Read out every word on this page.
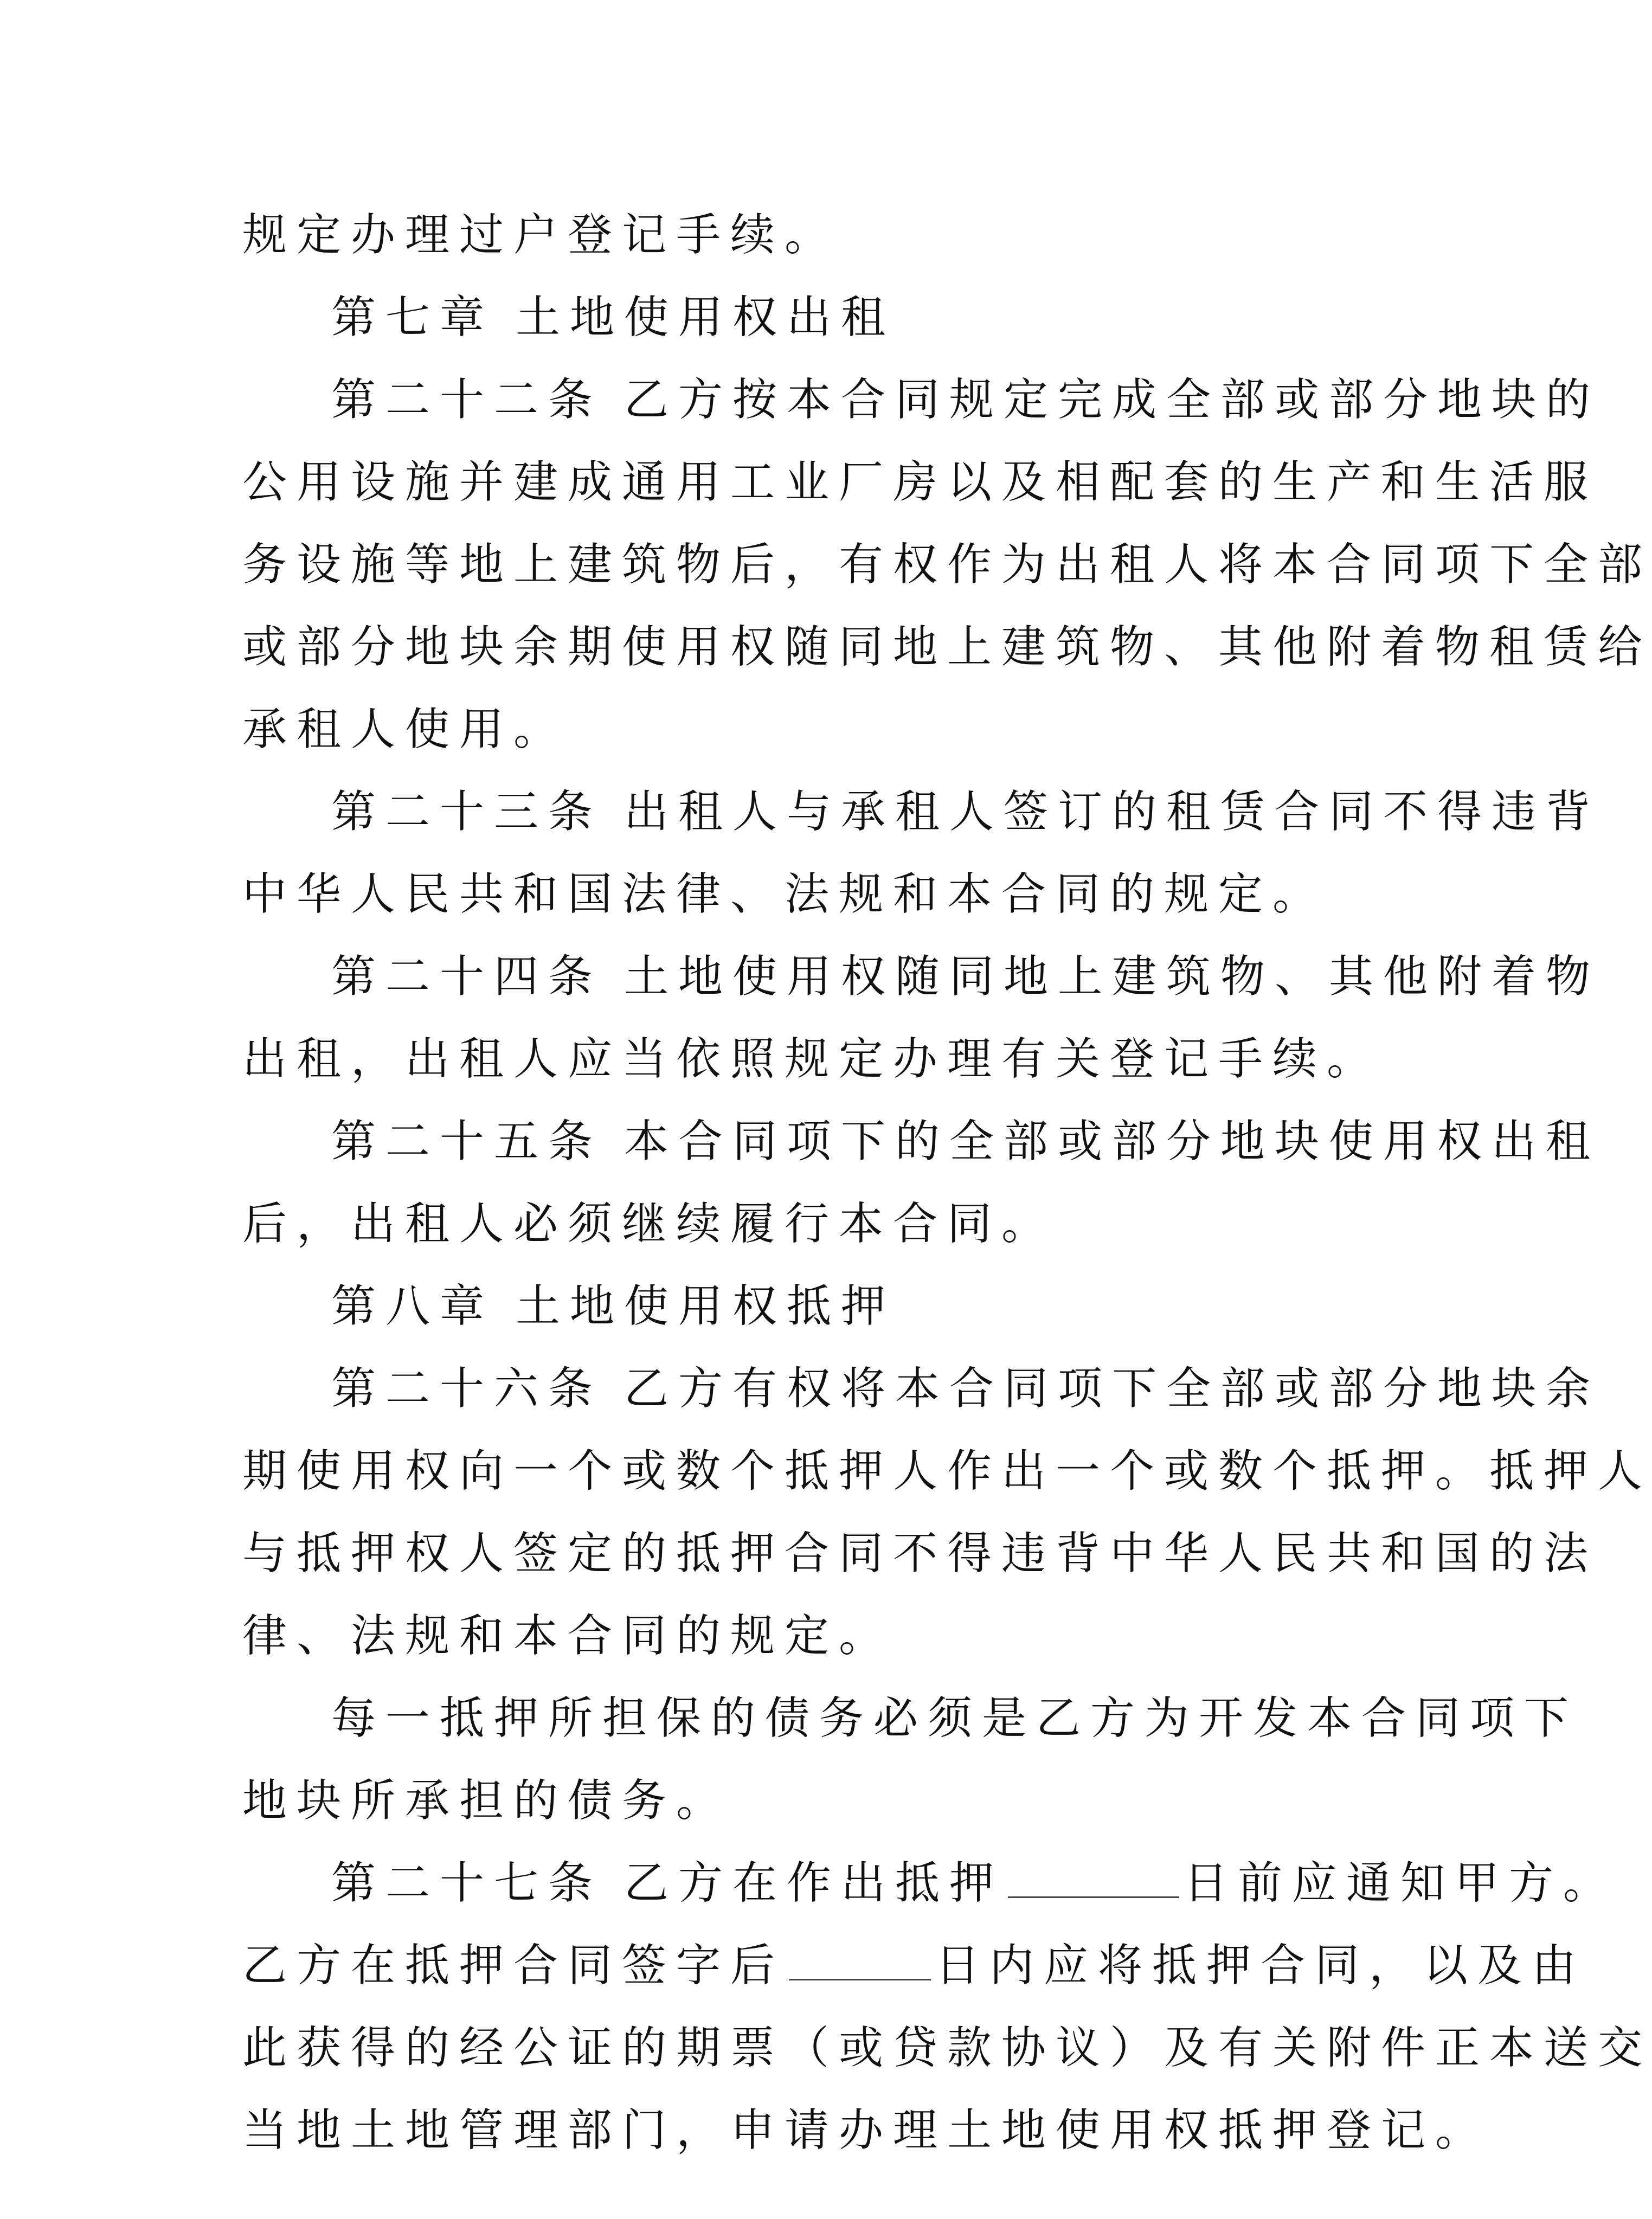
规定办理过户登记手续。
第七章 土地使用权出租
第二十二条 乙方按本合同规定完成全部或部分地块的
公用设施并建成通用工业厂房以及相配套的生产和生活服
务设施等地上建筑物后，有权作为出租人将本合同项下全部
或部分地块余期使用权随同地上建筑物、其他附着物租赁给
承租人使用。
第二十三条 出租人与承租人签订的租赁合同不得违背
中华人民共和国法律、法规和本合同的规定。
第二十四条 土地使用权随同地上建筑物、其他附着物
出租，出租人应当依照规定办理有关登记手续。
第二十五条 本合同项下的全部或部分地块使用权出租
后，出租人必须继续履行本合同。
第八章 土地使用权抵押
第二十六条 乙方有权将本合同项下全部或部分地块余
期使用权向一个或数个抵押人作出一个或数个抵押。抵押人
与抵押权人签定的抵押合同不得违背中华人民共和国的法
律、法规和本合同的规定。
每一抵押所担保的债务必须是乙方为开发本合同项下
地块所承担的债务。
第二十七条 乙方在作出抵押	日前应通知甲方。
乙方在抵押合同签字后	日内应将抵押合同，以及由
此获得的经公证的期票（或贷款协议）及有关附件正本送交
当地土地管理部门，申请办理土地使用权抵押登记。
